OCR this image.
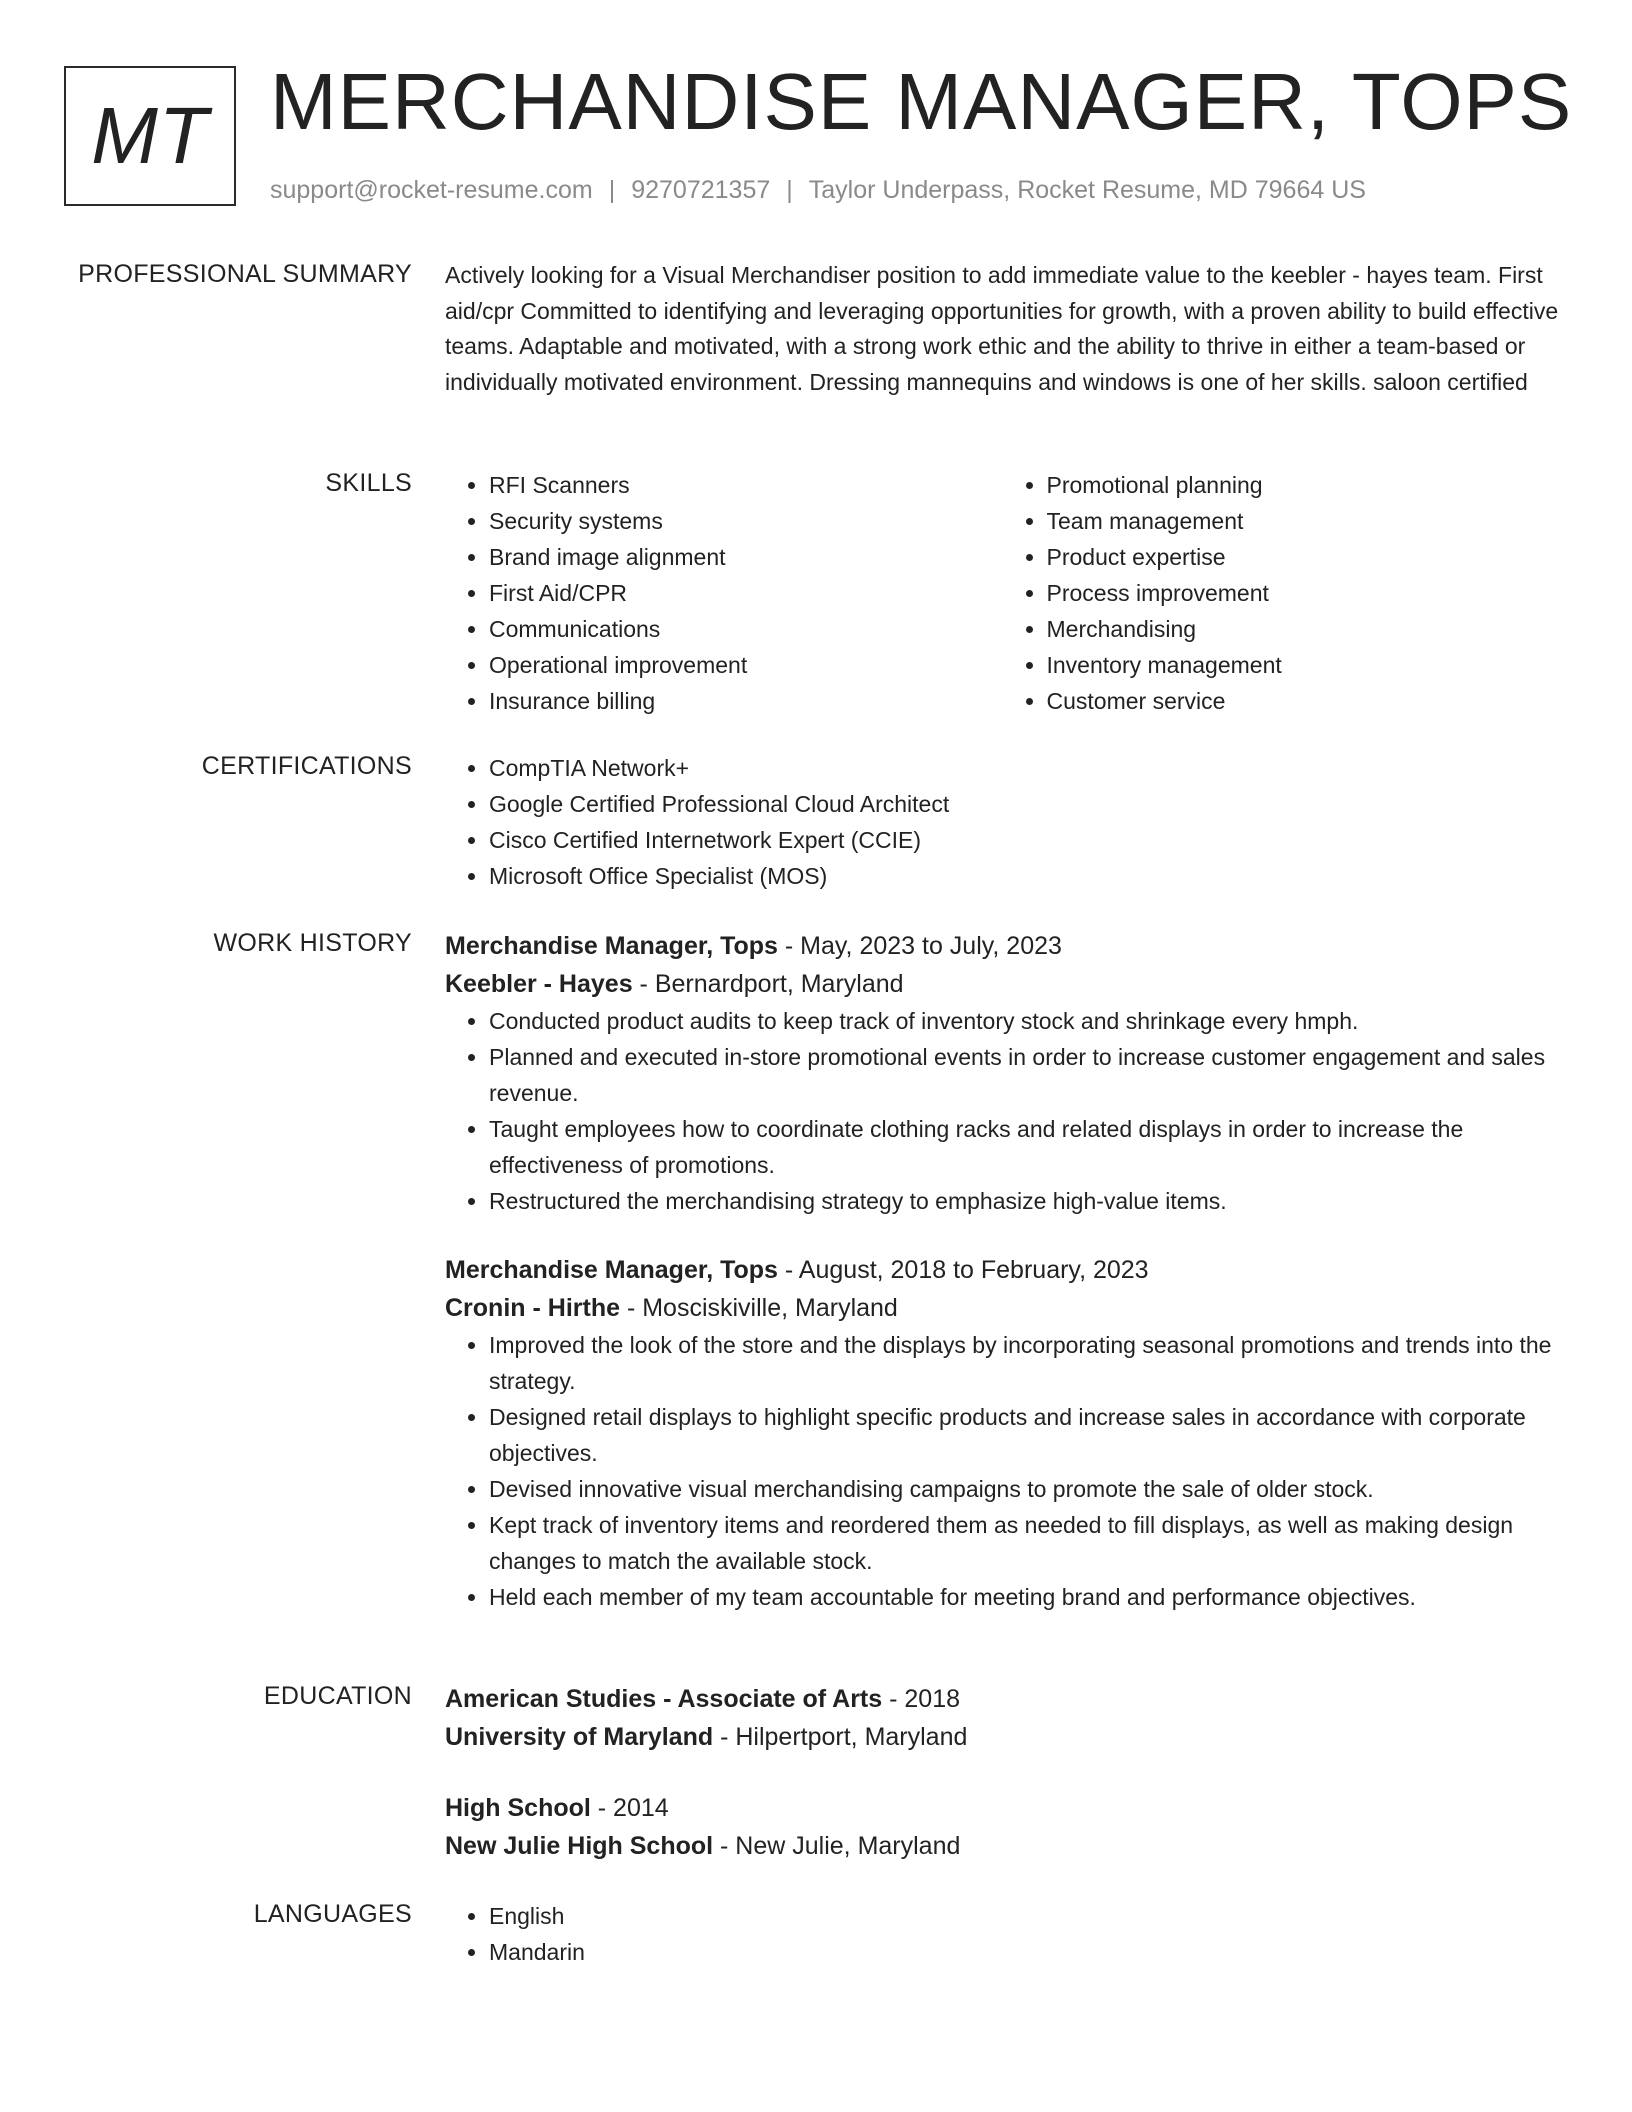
MT MERCHANDISE MANAGER, TOPS
support@rocket-resume.com | 9270721357 | Taylor Underpass, Rocket Resume, MD 79664 US
PROFESSIONAL SUMMARY Actively looking for a Visual Merchandiser position to add immediate value to the keebler - hayes team. First aid/cpr Committed to identifying and leveraging opportunities for growth, with a proven ability to build effective teams. Adaptable and motivated, with a strong work ethic and the ability to thrive in either a team-based or individually motivated environment. Dressing mannequins and windows is one of her skills. saloon certified

SKILLS	• RFI Scanners
• Security systems
• Brand image alignment
• First Aid/CPR
• Communications
• Operational improvement
• Insurance billing
• Promotional planning
• Team management
• Product expertise
• Process improvement
• Merchandising
• Inventory management
• Customer service
CERTIFICATIONS	• CompTIA Network+
• Google Certified Professional Cloud Architect
• Cisco Certified Internetwork Expert (CCIE)
• Microsoft Office Specialist (MOS)
WORK HISTORY Merchandise Manager, Tops - May, 2023 to July, 2023

Keebler - Hayes - Bernardport, Maryland

• Conducted product audits to keep track of inventory stock and shrinkage every hmph.
• Planned and executed in-store promotional events in order to increase customer engagement and sales revenue.
• Taught employees how to coordinate clothing racks and related displays in order to increase the effectiveness of promotions.
• Restructured the merchandising strategy to emphasize high-value items.

Merchandise Manager, Tops - August, 2018 to February, 2023

Cronin - Hirthe - Mosciskiville, Maryland

• Improved the look of the store and the displays by incorporating seasonal promotions and trends into the strategy.
• Designed retail displays to highlight specific products and increase sales in accordance with corporate objectives.
• Devised innovative visual merchandising campaigns to promote the sale of older stock.
• Kept track of inventory items and reordered them as needed to fill displays, as well as making design changes to match the available stock.
• Held each member of my team accountable for meeting brand and performance objectives.
EDUCATION American Studies - Associate of Arts - 2018

University of Maryland - Hilpertport, Maryland

High School - 2014

New Julie High School - New Julie, Maryland

LANGUAGES	• English
• Mandarin
